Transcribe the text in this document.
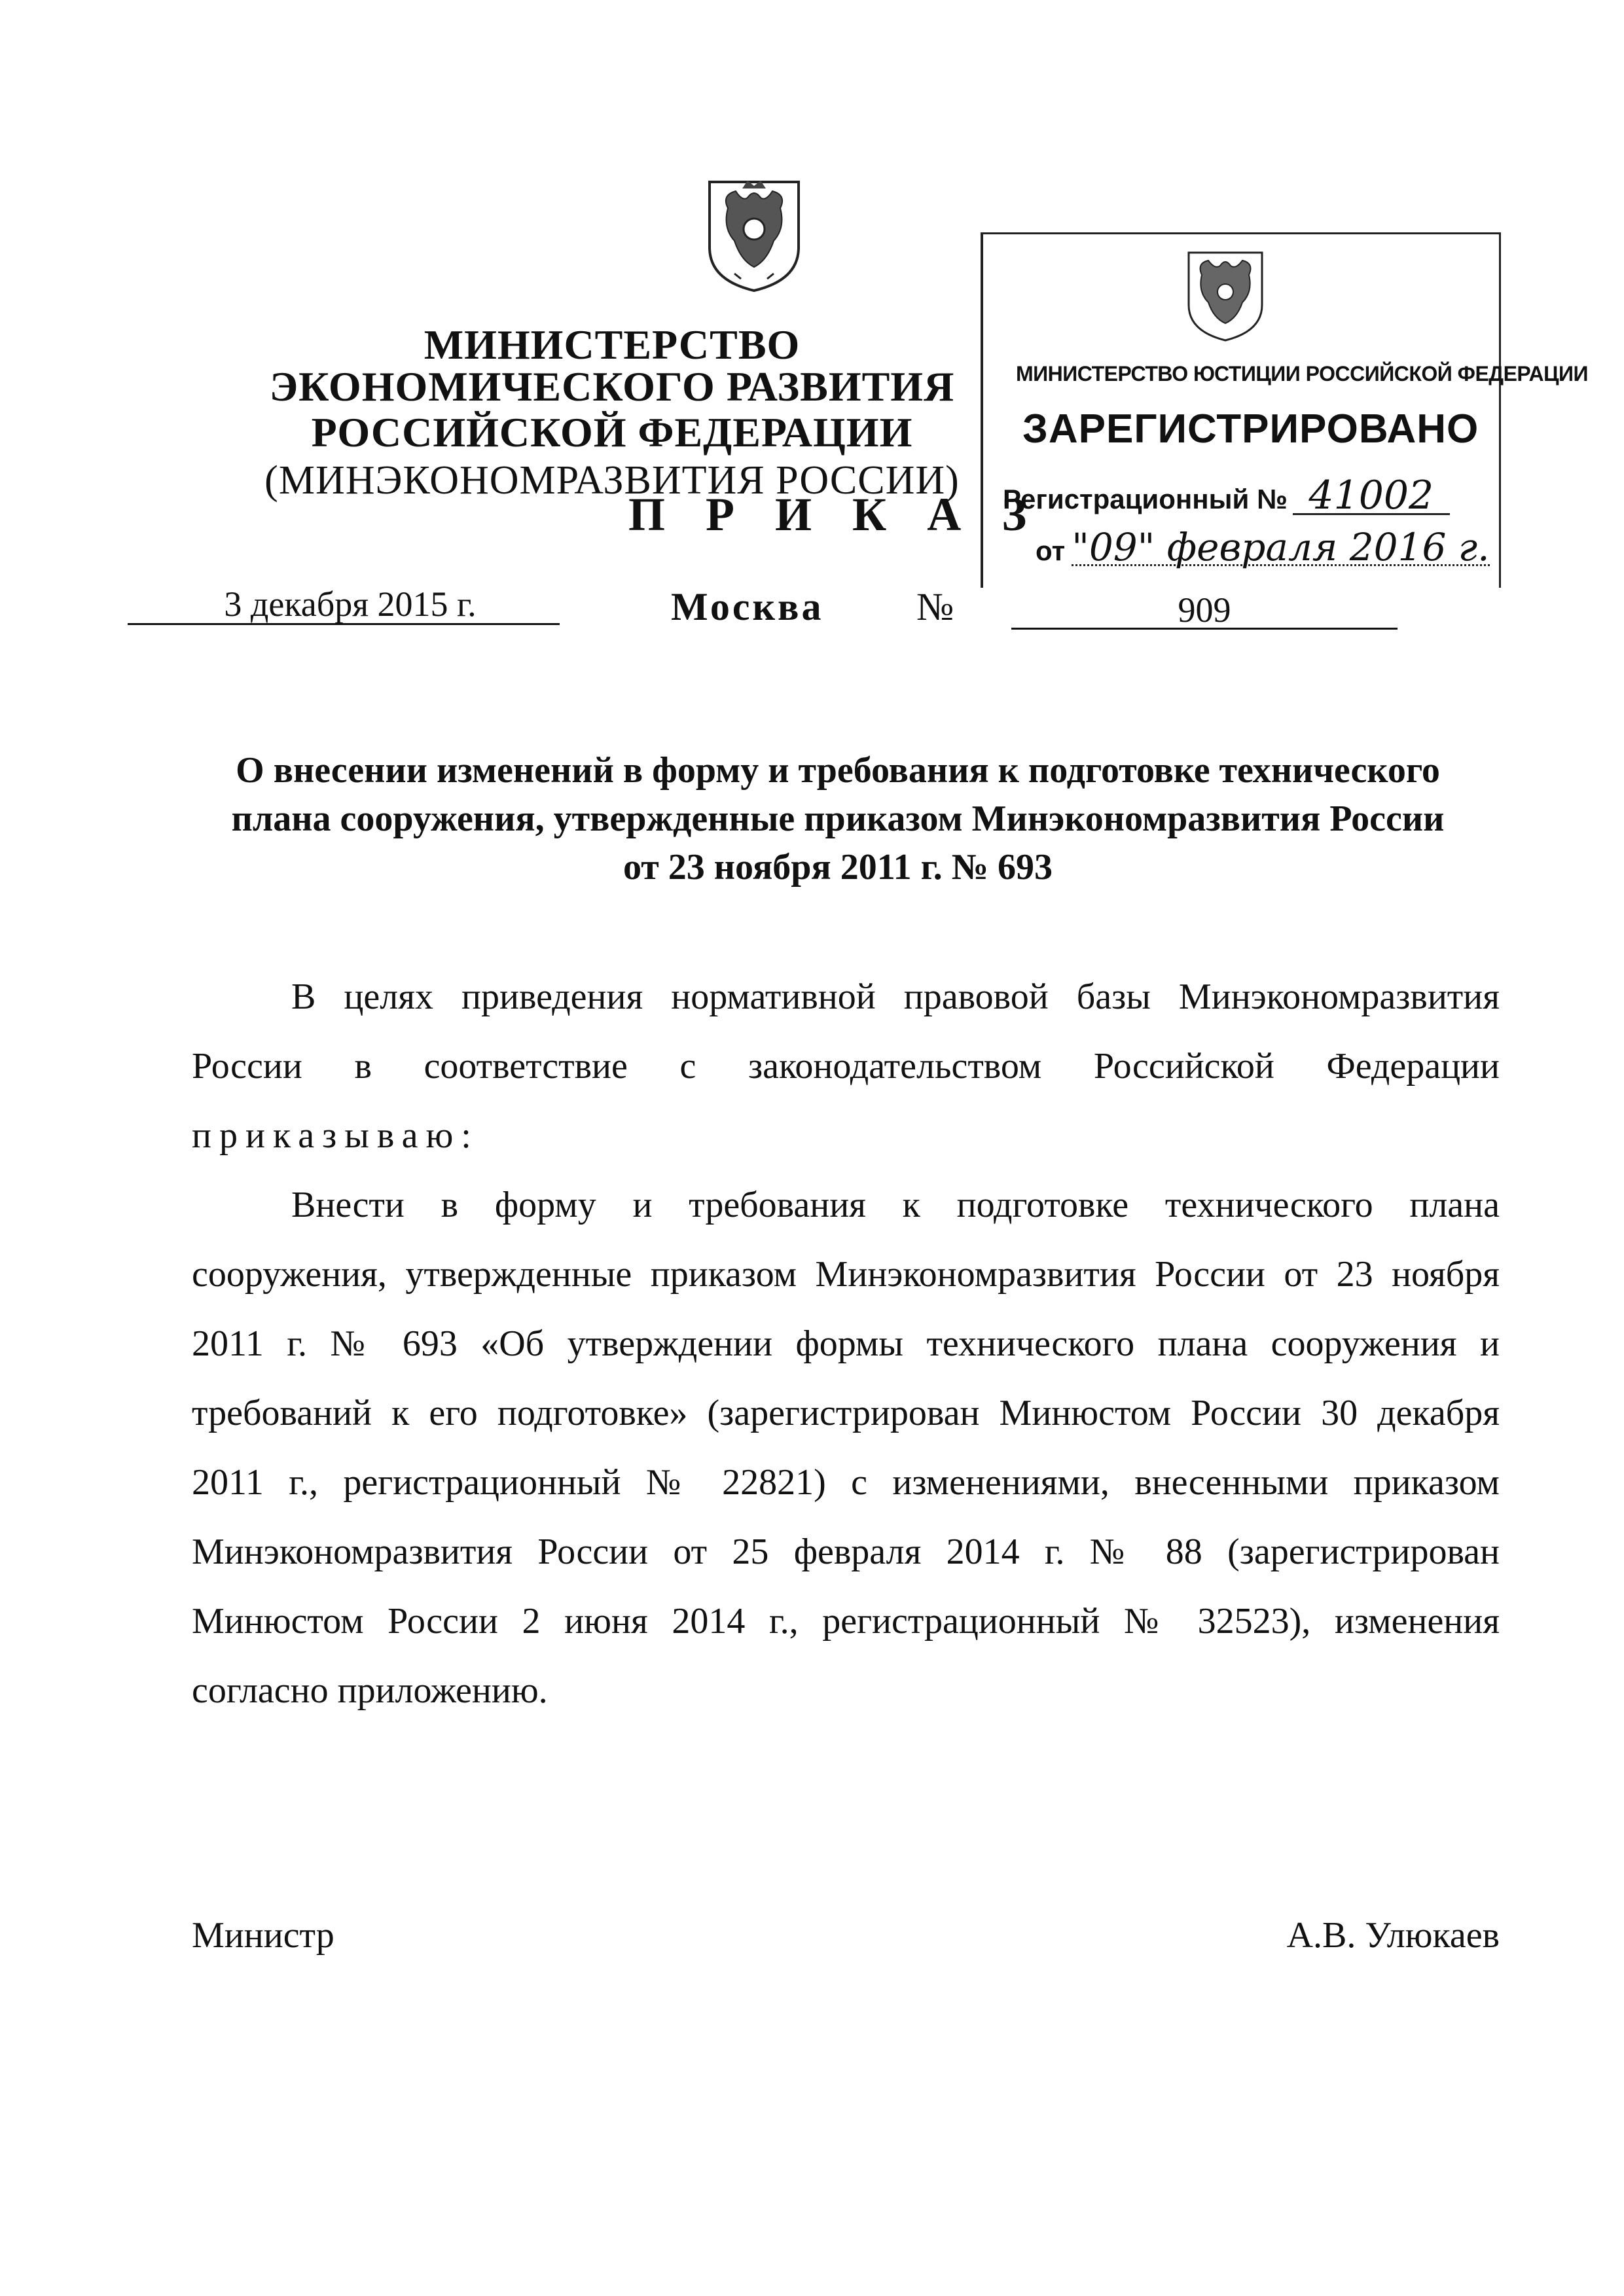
МИНИСТЕРСТВО ЭКОНОМИЧЕСКОГО РАЗВИТИЯ
РОССИЙСКОЙ ФЕДЕРАЦИИ
(МИНЭКОНОМРАЗВИТИЯ РОССИИ)
П Р И К А З
3 декабря 2015 г.	Москва №	909
МИНИСТЕРСТВО ЮСТИЦИИ РОССИЙСКОЙ ФЕДЕРАЦИИ
ЗАРЕГИСТРИРОВАНО
Регистрационный № 41002
от "09" февраля 2016 г.
О внесении изменений в форму и требования к подготовке технического
плана сооружения, утвержденные приказом Минэкономразвития России
от 23 ноября 2011 г. № 693

В целях приведения нормативной правовой базы Минэкономразвития
России в соответствие с законодательством Российской Федерации
приказываю:

Внести в форму и требования к подготовке технического плана
сооружения, утвержденные приказом Минэкономразвития России от 23 ноября
2011 г. № 693 «Об утверждении формы технического плана сооружения и
требований к его подготовке» (зарегистрирован Минюстом России 30 декабря
2011 г., регистрационный № 22821) с изменениями, внесенными приказом
Минэкономразвития России от 25 февраля 2014 г. № 88 (зарегистрирован
Минюстом России 2 июня 2014 г., регистрационный № 32523), изменения
согласно приложению.

Министр	А.В. Улюкаев
